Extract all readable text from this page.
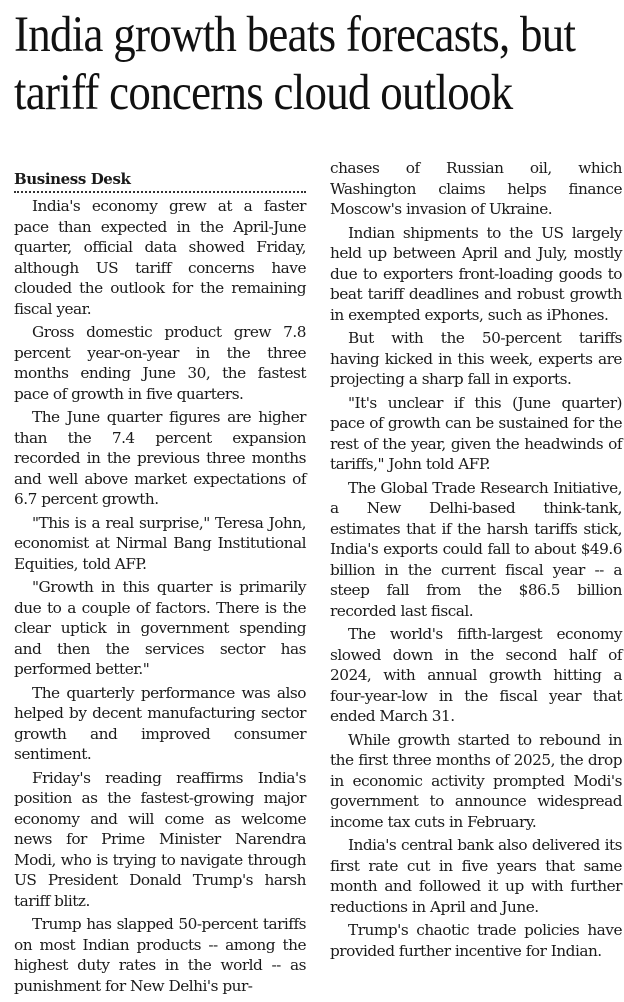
India growth beats forecasts, but
tariff concerns cloud outlook
Business Desk

India's economy grew at a faster pace than expected in the April-June quarter, official data showed Friday, although US tariff concerns have clouded the outlook for the remaining fiscal year.

Gross domestic product grew 7.8 percent year-on-year in the three months ending June 30, the fastest pace of growth in five quarters.

The June quarter figures are higher than the 7.4 percent expansion recorded in the previous three months and well above market expectations of 6.7 percent growth.

"This is a real surprise," Teresa John, economist at Nirmal Bang Institutional Equities, told AFP.

"Growth in this quarter is primarily due to a couple of factors. There is the clear uptick in government spending and then the services sector has performed better."

The quarterly performance was also helped by decent manufacturing sector growth and improved consumer sentiment.

Friday's reading reaffirms India's position as the fastest-growing major economy and will come as welcome news for Prime Minister Narendra Modi, who is trying to navigate through US President Donald Trump's harsh tariff blitz.

Trump has slapped 50-percent tariffs on most Indian products -- among the highest duty rates in the world -- as punishment for New Delhi's pur-

chases of Russian oil, which Washington claims helps finance Moscow's invasion of Ukraine.

Indian shipments to the US largely held up between April and July, mostly due to exporters front-loading goods to beat tariff deadlines and robust growth in exempted exports, such as iPhones.

But with the 50-percent tariffs having kicked in this week, experts are projecting a sharp fall in exports.

"It's unclear if this (June quarter) pace of growth can be sustained for the rest of the year, given the headwinds of tariffs," John told AFP.

The Global Trade Research Initiative, a New Delhi-based think-tank, estimates that if the harsh tariffs stick, India's exports could fall to about $49.6 billion in the current fiscal year -- a steep fall from the $86.5 billion recorded last fiscal.

The world's fifth-largest economy slowed down in the second half of 2024, with annual growth hitting a four-year-low in the fiscal year that ended March 31.

While growth started to rebound in the first three months of 2025, the drop in economic activity prompted Modi's government to announce widespread income tax cuts in February.

India's central bank also delivered its first rate cut in five years that same month and followed it up with further reductions in April and June.

Trump's chaotic trade policies have provided further incentive for Indian.
